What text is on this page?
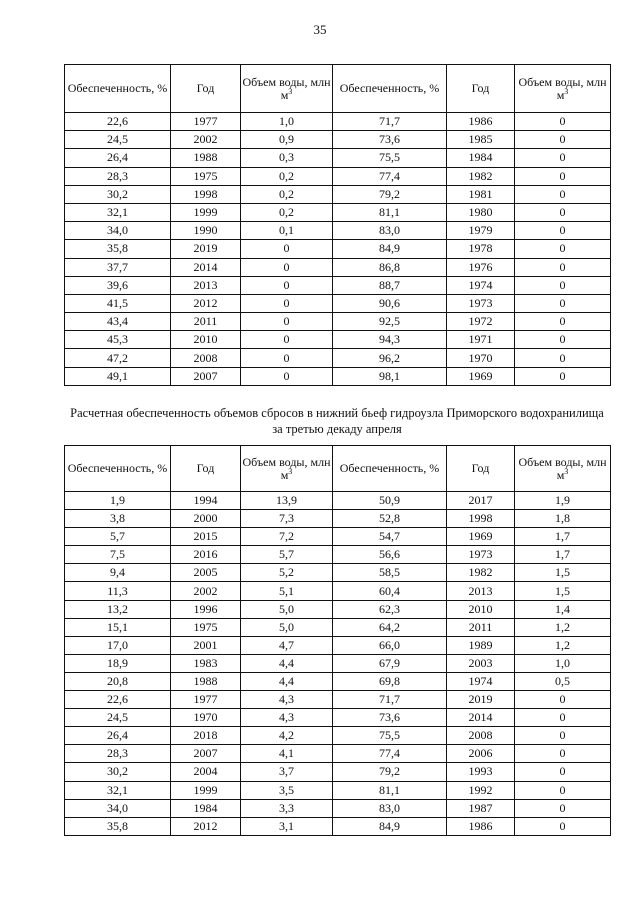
35
Обеспеченность, %	Год	Объем воды, млн $м^3$	Обеспеченность, %	Год	Объем воды, млн $м^3$
22,6	1977	1,0	71,7	1986	0
24,5	2002	0,9	73,6	1985	0
26,4	1988	0,3	75,5	1984	0
28,3	1975	0,2	77,4	1982	0
30,2	1998	0,2	79,2	1981	0
32,1	1999	0,2	81,1	1980	0
34,0	1990	0,1	83,0	1979	0
35,8	2019	0	84,9	1978	0
37,7	2014	0	86,8	1976	0
39,6	2013	0	88,7	1974	0
41,5	2012	0	90,6	1973	0
43,4	2011	0	92,5	1972	0
45,3	2010	0	94,3	1971	0
47,2	2008	0	96,2	1970	0
49,1	2007	0	98,1	1969	0
Расчетная обеспеченность объемов сбросов в нижний бьеф гидроузла Приморского водохранилища за третью декаду апреля
Обеспеченность, %	Год	Объем воды, млн $м^3$	Обеспеченность, %	Год	Объем воды, млн $м^3$
1,9	1994	13,9	50,9	2017	1,9
3,8	2000	7,3	52,8	1998	1,8
5,7	2015	7,2	54,7	1969	1,7
7,5	2016	5,7	56,6	1973	1,7
9,4	2005	5,2	58,5	1982	1,5
11,3	2002	5,1	60,4	2013	1,5
13,2	1996	5,0	62,3	2010	1,4
15,1	1975	5,0	64,2	2011	1,2
17,0	2001	4,7	66,0	1989	1,2
18,9	1983	4,4	67,9	2003	1,0
20,8	1988	4,4	69,8	1974	0,5
22,6	1977	4,3	71,7	2019	0
24,5	1970	4,3	73,6	2014	0
26,4	2018	4,2	75,5	2008	0
28,3	2007	4,1	77,4	2006	0
30,2	2004	3,7	79,2	1993	0
32,1	1999	3,5	81,1	1992	0
34,0	1984	3,3	83,0	1987	0
35,8	2012	3,1	84,9	1986	0
